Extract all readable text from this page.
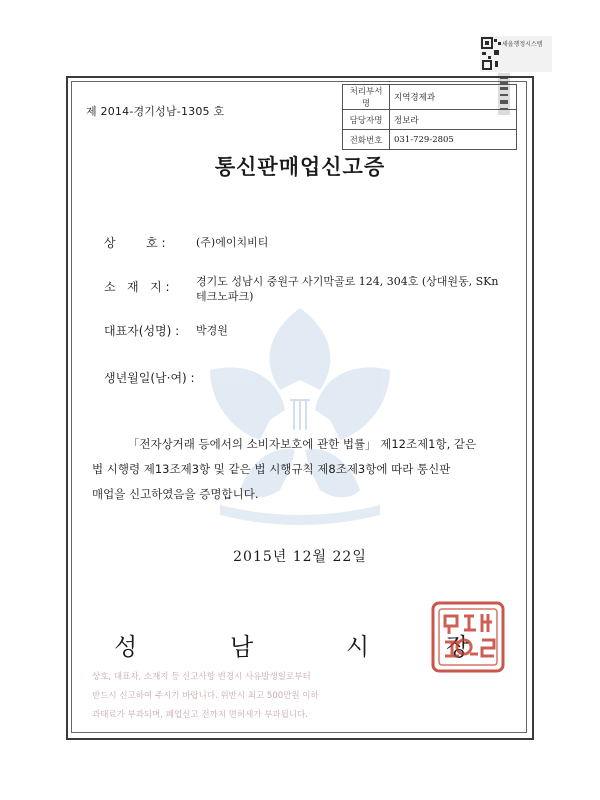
새올행정시스템
제 2014-경기성남-1305 호
처리부서명	지역경제과
담당자명	정보라
전화번호	031-729-2805
통신판매업신고증
상        호 :	(주)에이치비티
소   재   지 : 경기도 성남시 중원구 사기막골로 124, 304호 (상대원동, SKn
테크노파크)
대표자(성명) : 박경원
생년월일(남·여) :
「전자상거래 등에서의 소비자보호에 관한 법률」 제12조제1항, 같은
법 시행령 제13조제3항 및 같은 법 시행규칙 제8조제3항에 따라 통신판
매업을 신고하였음을 증명합니다.
2015년 12월 22일
성	남	시	장
상호, 대표자, 소재지 등 신고사항 변경시 사유발생일로부터
반드시 신고하여 주시기 바랍니다. 위반시 최고 500만원 이하
과태료가 부과되며, 폐업신고 전까지 면허세가 부과됩니다.
